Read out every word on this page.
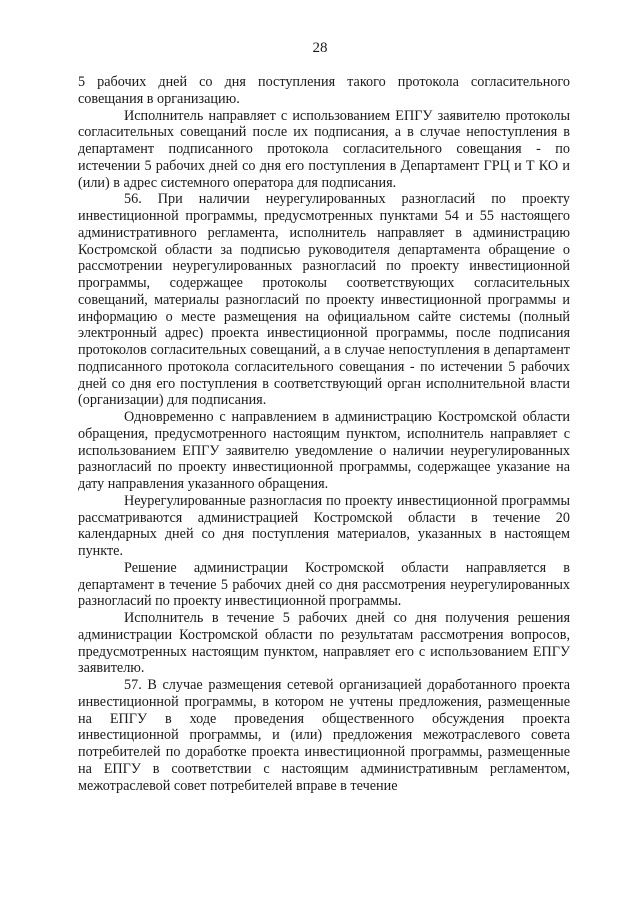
28

5 рабочих дней со дня поступления такого протокола согласительного совещания в организацию.

Исполнитель направляет с использованием ЕПГУ заявителю протоколы согласительных совещаний после их подписания, а в случае непоступления в департамент подписанного протокола согласительного совещания - по истечении 5 рабочих дней со дня его поступления в Департамент ГРЦ и Т КО и (или) в адрес системного оператора для подписания.

56. При наличии неурегулированных разногласий по проекту инвестиционной программы, предусмотренных пунктами 54 и 55 настоящего административного регламента, исполнитель направляет в администрацию Костромской области за подписью руководителя департамента обращение о рассмотрении неурегулированных разногласий по проекту инвестиционной программы, содержащее протоколы соответствующих согласительных совещаний, материалы разногласий по проекту инвестиционной программы и информацию о месте размещения на официальном сайте системы (полный электронный адрес) проекта инвестиционной программы, после подписания протоколов согласительных совещаний, а в случае непоступления в департамент подписанного протокола согласительного совещания - по истечении 5 рабочих дней со дня его поступления в соответствующий орган исполнительной власти (организации) для подписания.

Одновременно с направлением в администрацию Костромской области обращения, предусмотренного настоящим пунктом, исполнитель направляет с использованием ЕПГУ заявителю уведомление о наличии неурегулированных разногласий по проекту инвестиционной программы, содержащее указание на дату направления указанного обращения.

Неурегулированные разногласия по проекту инвестиционной программы рассматриваются администрацией Костромской области в течение 20 календарных дней со дня поступления материалов, указанных в настоящем пункте.

Решение администрации Костромской области направляется в департамент в течение 5 рабочих дней со дня рассмотрения неурегулированных разногласий по проекту инвестиционной программы.

Исполнитель в течение 5 рабочих дней со дня получения решения администрации Костромской области по результатам рассмотрения вопросов, предусмотренных настоящим пунктом, направляет его с использованием ЕПГУ заявителю.

57. В случае размещения сетевой организацией доработанного проекта инвестиционной программы, в котором не учтены предложения, размещенные на ЕПГУ в ходе проведения общественного обсуждения проекта инвестиционной программы, и (или) предложения межотраслевого совета потребителей по доработке проекта инвестиционной программы, размещенные на ЕПГУ в соответствии с настоящим административным регламентом, межотраслевой совет потребителей вправе в течение
